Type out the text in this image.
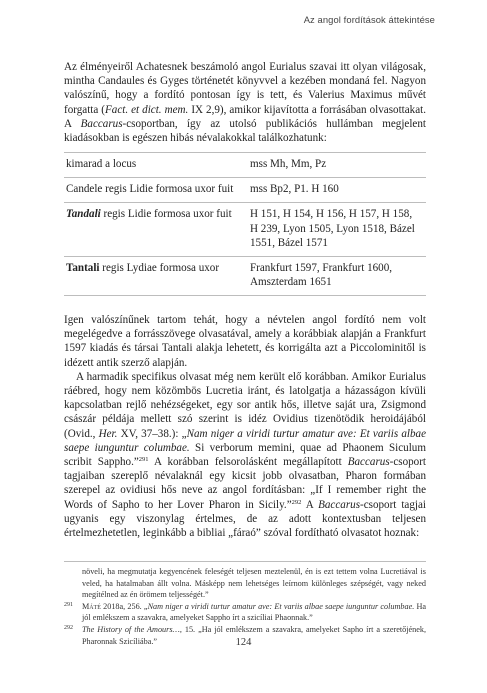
Az angol fordítások áttekintése

Az élményeiről Achatesnek beszámoló angol Eurialus szavai itt olyan világosak, mintha Candaules és Gyges történetét könyvvel a kezében mondaná fel. Nagyon valószínű, hogy a fordító pontosan így is tett, és Valerius Maximus művét forgatta (Fact. et dict. mem. IX 2,9), amikor kijavította a forrásában olvasottakat. A Baccarus-csoportban, így az utolsó publikációs hullámban megjelent kiadásokban is egészen hibás névalakokkal találkozhatunk:

kimarad a locus	mss Mh, Mm, Pz
Candele regis Lidie formosa uxor fuit	mss Bp2, P1. H 160
Tandali regis Lidie formosa uxor fuit	H 151, H 154, H 156, H 157, H 158, H 239, Lyon 1505, Lyon 1518, Bázel 1551, Bázel 1571
Tantali regis Lydiae formosa uxor	Frankfurt 1597, Frankfurt 1600, Amszterdam 1651

Igen valószínűnek tartom tehát, hogy a névtelen angol fordító nem volt megelégedve a forrásszövege olvasatával, amely a korábbiak alapján a Frankfurt 1597 kiadás és társai Tantali alakja lehetett, és korrigálta azt a Piccolominitől is idézett antik szerző alapján.

A harmadik specifikus olvasat még nem került elő korábban. Amikor Eurialus ráébred, hogy nem közömbös Lucretia iránt, és latolgatja a házasságon kívüli kapcsolatban rejlő nehézségeket, egy sor antik hős, illetve saját ura, Zsigmond császár példája mellett szó szerint is idéz Ovidius tizenötödik heroidájából (Ovid., Her. XV, 37–38.): „Nam niger a viridi turtur amatur ave: Et variis albae saepe iunguntur columbae. Si verborum memini, quae ad Phaonem Siculum scribit Sappho.”$^{291}$ A korábban felsorolásként megállapított Baccarus-csoport tagjaiban szereplő névalaknál egy kicsit jobb olvasatban, Pharon formában szerepel az ovidiusi hős neve az angol fordításban: „If I remember right the Words of Sapho to her Lover Pharon in Sicily.”$^{292}$ A Baccarus-csoport tagjai ugyanis egy viszonylag értelmes, de az adott kontextusban teljesen értelmezhetetlen, leginkább a bibliai „fáraó” szóval fordítható olvasatot hoznak:

növeli, ha megmutatja kegyencének feleségét teljesen meztelenül, én is ezt tettem volna Lucretiával is veled, ha hatalmaban állt volna. Másképp nem lehetséges leírnom különleges szépségét, vagy neked megítélned az én örömem teljességét.”

291 Máté 2018a, 256. „Nam niger a viridi turtur amatur ave: Et variis albae saepe iunguntur columbae. Ha jól emlékszem a szavakra, amelyeket Sappho írt a szicíliai Phaonnak.”

292 The History of the Amours…, 15. „Ha jól emlékszem a szavakra, amelyeket Sapho írt a szeretőjének, Pharonnak Szicíliába.”	124
